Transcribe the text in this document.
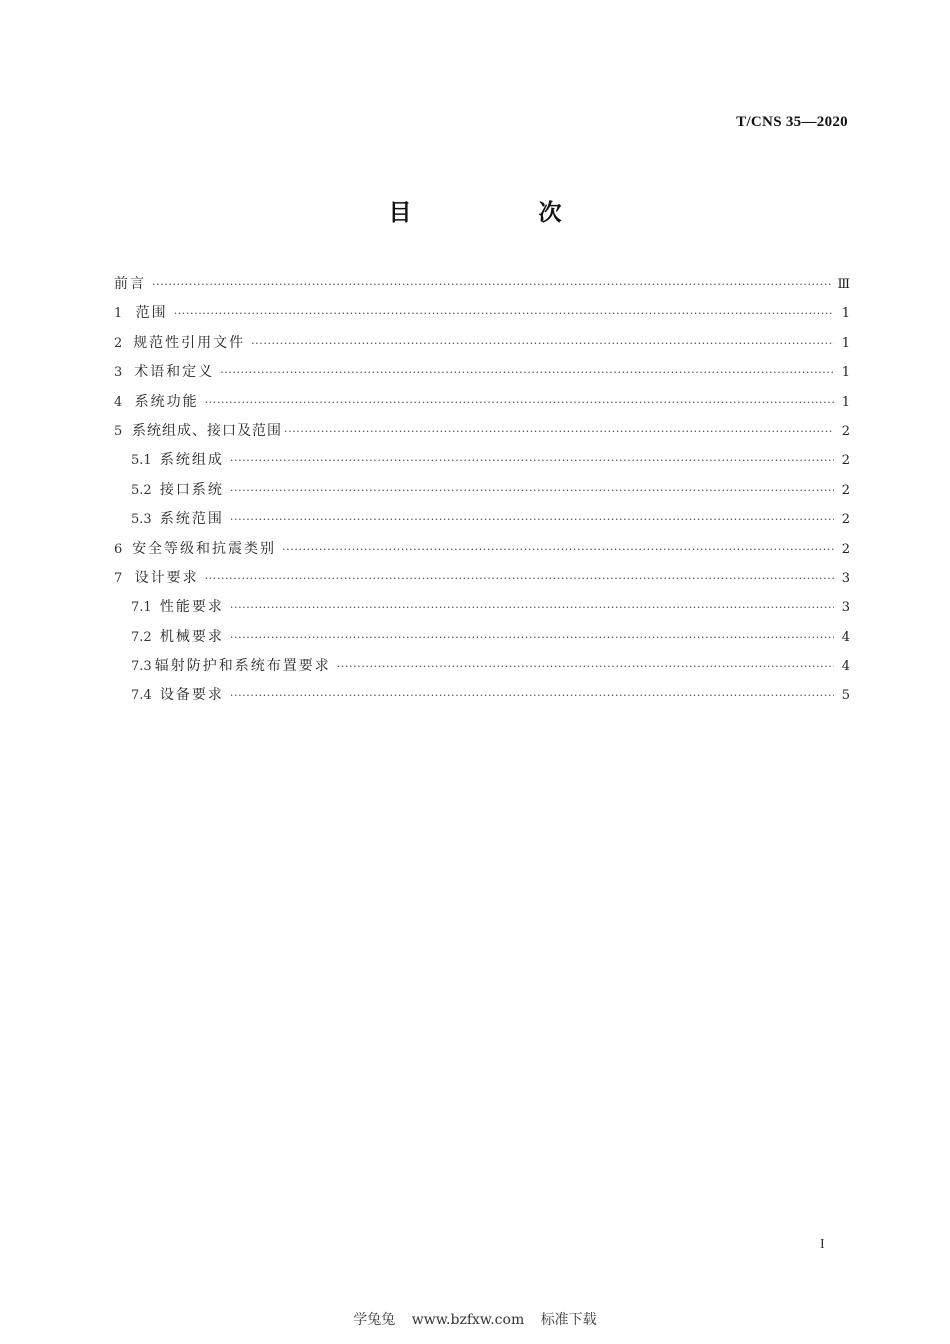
T/CNS 35—2020
目　次
前言 ·····	Ⅲ
1 范围 ·····	1
2 规范性引用文件 ·····	1
3 术语和定义 ·····	1
4 系统功能 ·····	1
5 系统组成、接口及范围 ·····	2
5.1 系统组成 ·····	2
5.2 接口系统 ·····	2
5.3 系统范围 ·····	2
6 安全等级和抗震类别 ·····	2
7 设计要求 ·····	3
7.1 性能要求 ·····	3
7.2 机械要求 ·····	4
7.3 辐射防护和系统布置要求 ·····	4
7.4 设备要求 ·····	5
I
学兔兔 www.bzfxw.com 标准下载
